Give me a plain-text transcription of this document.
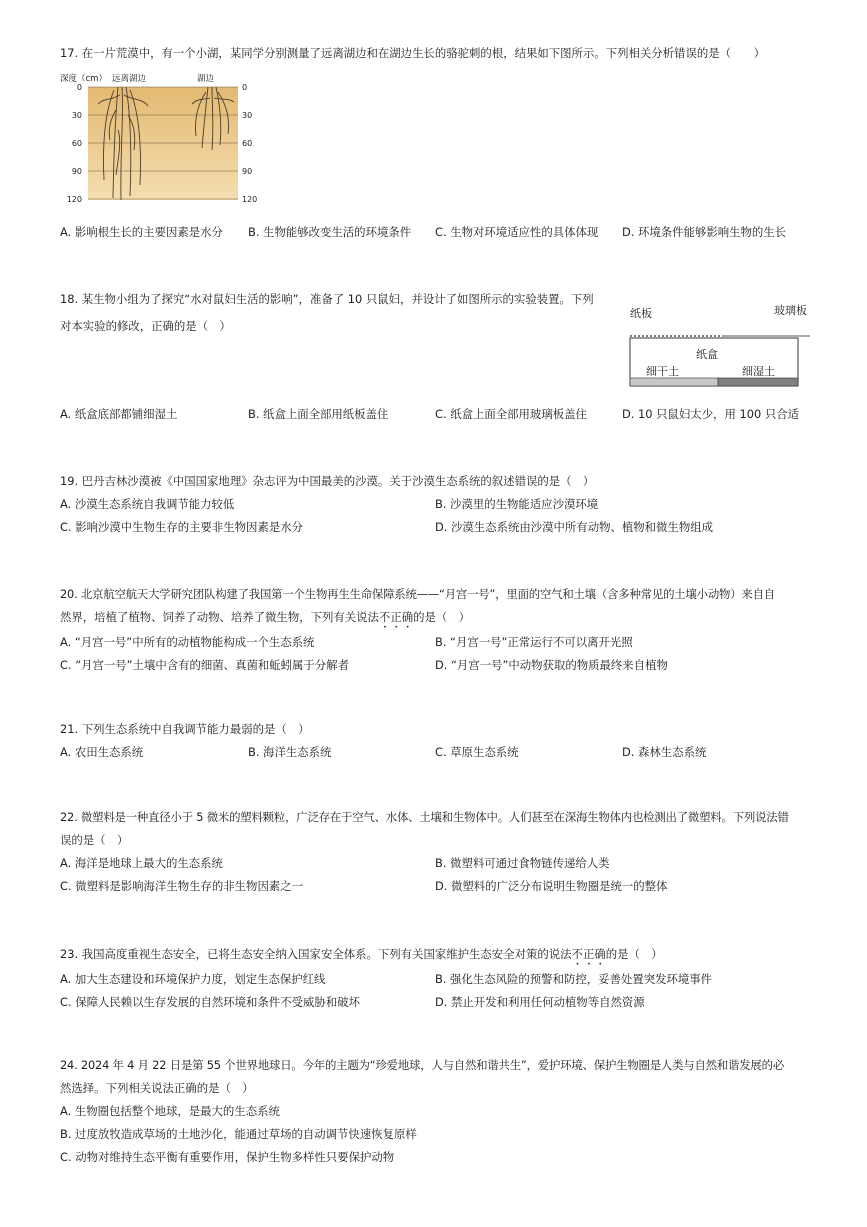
17. 在一片荒漠中，有一个小湖，某同学分别测量了远离湖边和在湖边生长的骆驼刺的根，结果如下图所示。下列相关分析错误的是（　　）
深度（cm） 远离湖边	湖边
0
30
60
90
120
0
30
60
90
120
A. 影响根生长的主要因素是水分 B. 生物能够改变生活的环境条件 C. 生物对环境适应性的具体体现 D. 环境条件能够影响生物的生长
18. 某生物小组为了探究“水对鼠妇生活的影响”，准备了 10 只鼠妇，并设计了如图所示的实验装置。下列
对本实验的修改，正确的是（　）
纸板	玻璃板
纸盒
细干土	细湿土
A. 纸盒底部都铺细湿土	B. 纸盒上面全部用纸板盖住	C. 纸盒上面全部用玻璃板盖住	D. 10 只鼠妇太少，用 100 只合适
19. 巴丹吉林沙漠被《中国国家地理》杂志评为中国最美的沙漠。关于沙漠生态系统的叙述错误的是（　）
A. 沙漠生态系统自我调节能力较低	B. 沙漠里的生物能适应沙漠环境
C. 影响沙漠中生物生存的主要非生物因素是水分	D. 沙漠生态系统由沙漠中所有动物、植物和微生物组成
20. 北京航空航天大学研究团队构建了我国第一个生物再生生命保障系统——“月宫一号”，里面的空气和土壤（含多种常见的土壤小动物）来自自
然界，培植了植物、饲养了动物、培养了微生物，下列有关说法不正确的是（　）
A. “月宫一号”中所有的动植物能构成一个生态系统	B. “月宫一号”正常运行不可以离开光照
C. “月宫一号”土壤中含有的细菌、真菌和蚯蚓属于分解者	D. “月宫一号”中动物获取的物质最终来自植物
21. 下列生态系统中自我调节能力最弱的是（　）
A. 农田生态系统	B. 海洋生态系统	C. 草原生态系统	D. 森林生态系统
22. 微塑料是一种直径小于 5 微米的塑料颗粒，广泛存在于空气、水体、土壤和生物体中。人们甚至在深海生物体内也检测出了微塑料。下列说法错
误的是（　）
A. 海洋是地球上最大的生态系统	B. 微塑料可通过食物链传递给人类
C. 微塑料是影响海洋生物生存的非生物因素之一	D. 微塑料的广泛分布说明生物圈是统一的整体
23. 我国高度重视生态安全，已将生态安全纳入国家安全体系。下列有关国家维护生态安全对策的说法不正确的是（　）
A. 加大生态建设和环境保护力度，划定生态保护红线	B. 强化生态风险的预警和防控，妥善处置突发环境事件
C. 保障人民赖以生存发展的自然环境和条件不受威胁和破坏	D. 禁止开发和利用任何动植物等自然资源
24. 2024 年 4 月 22 日是第 55 个世界地球日。今年的主题为“珍爱地球，人与自然和谐共生”，爱护环境、保护生物圈是人类与自然和谐发展的必
然选择。下列相关说法正确的是（　）
A. 生物圈包括整个地球，是最大的生态系统
B. 过度放牧造成草场的土地沙化，能通过草场的自动调节快速恢复原样
C. 动物对维持生态平衡有重要作用，保护生物多样性只要保护动物
